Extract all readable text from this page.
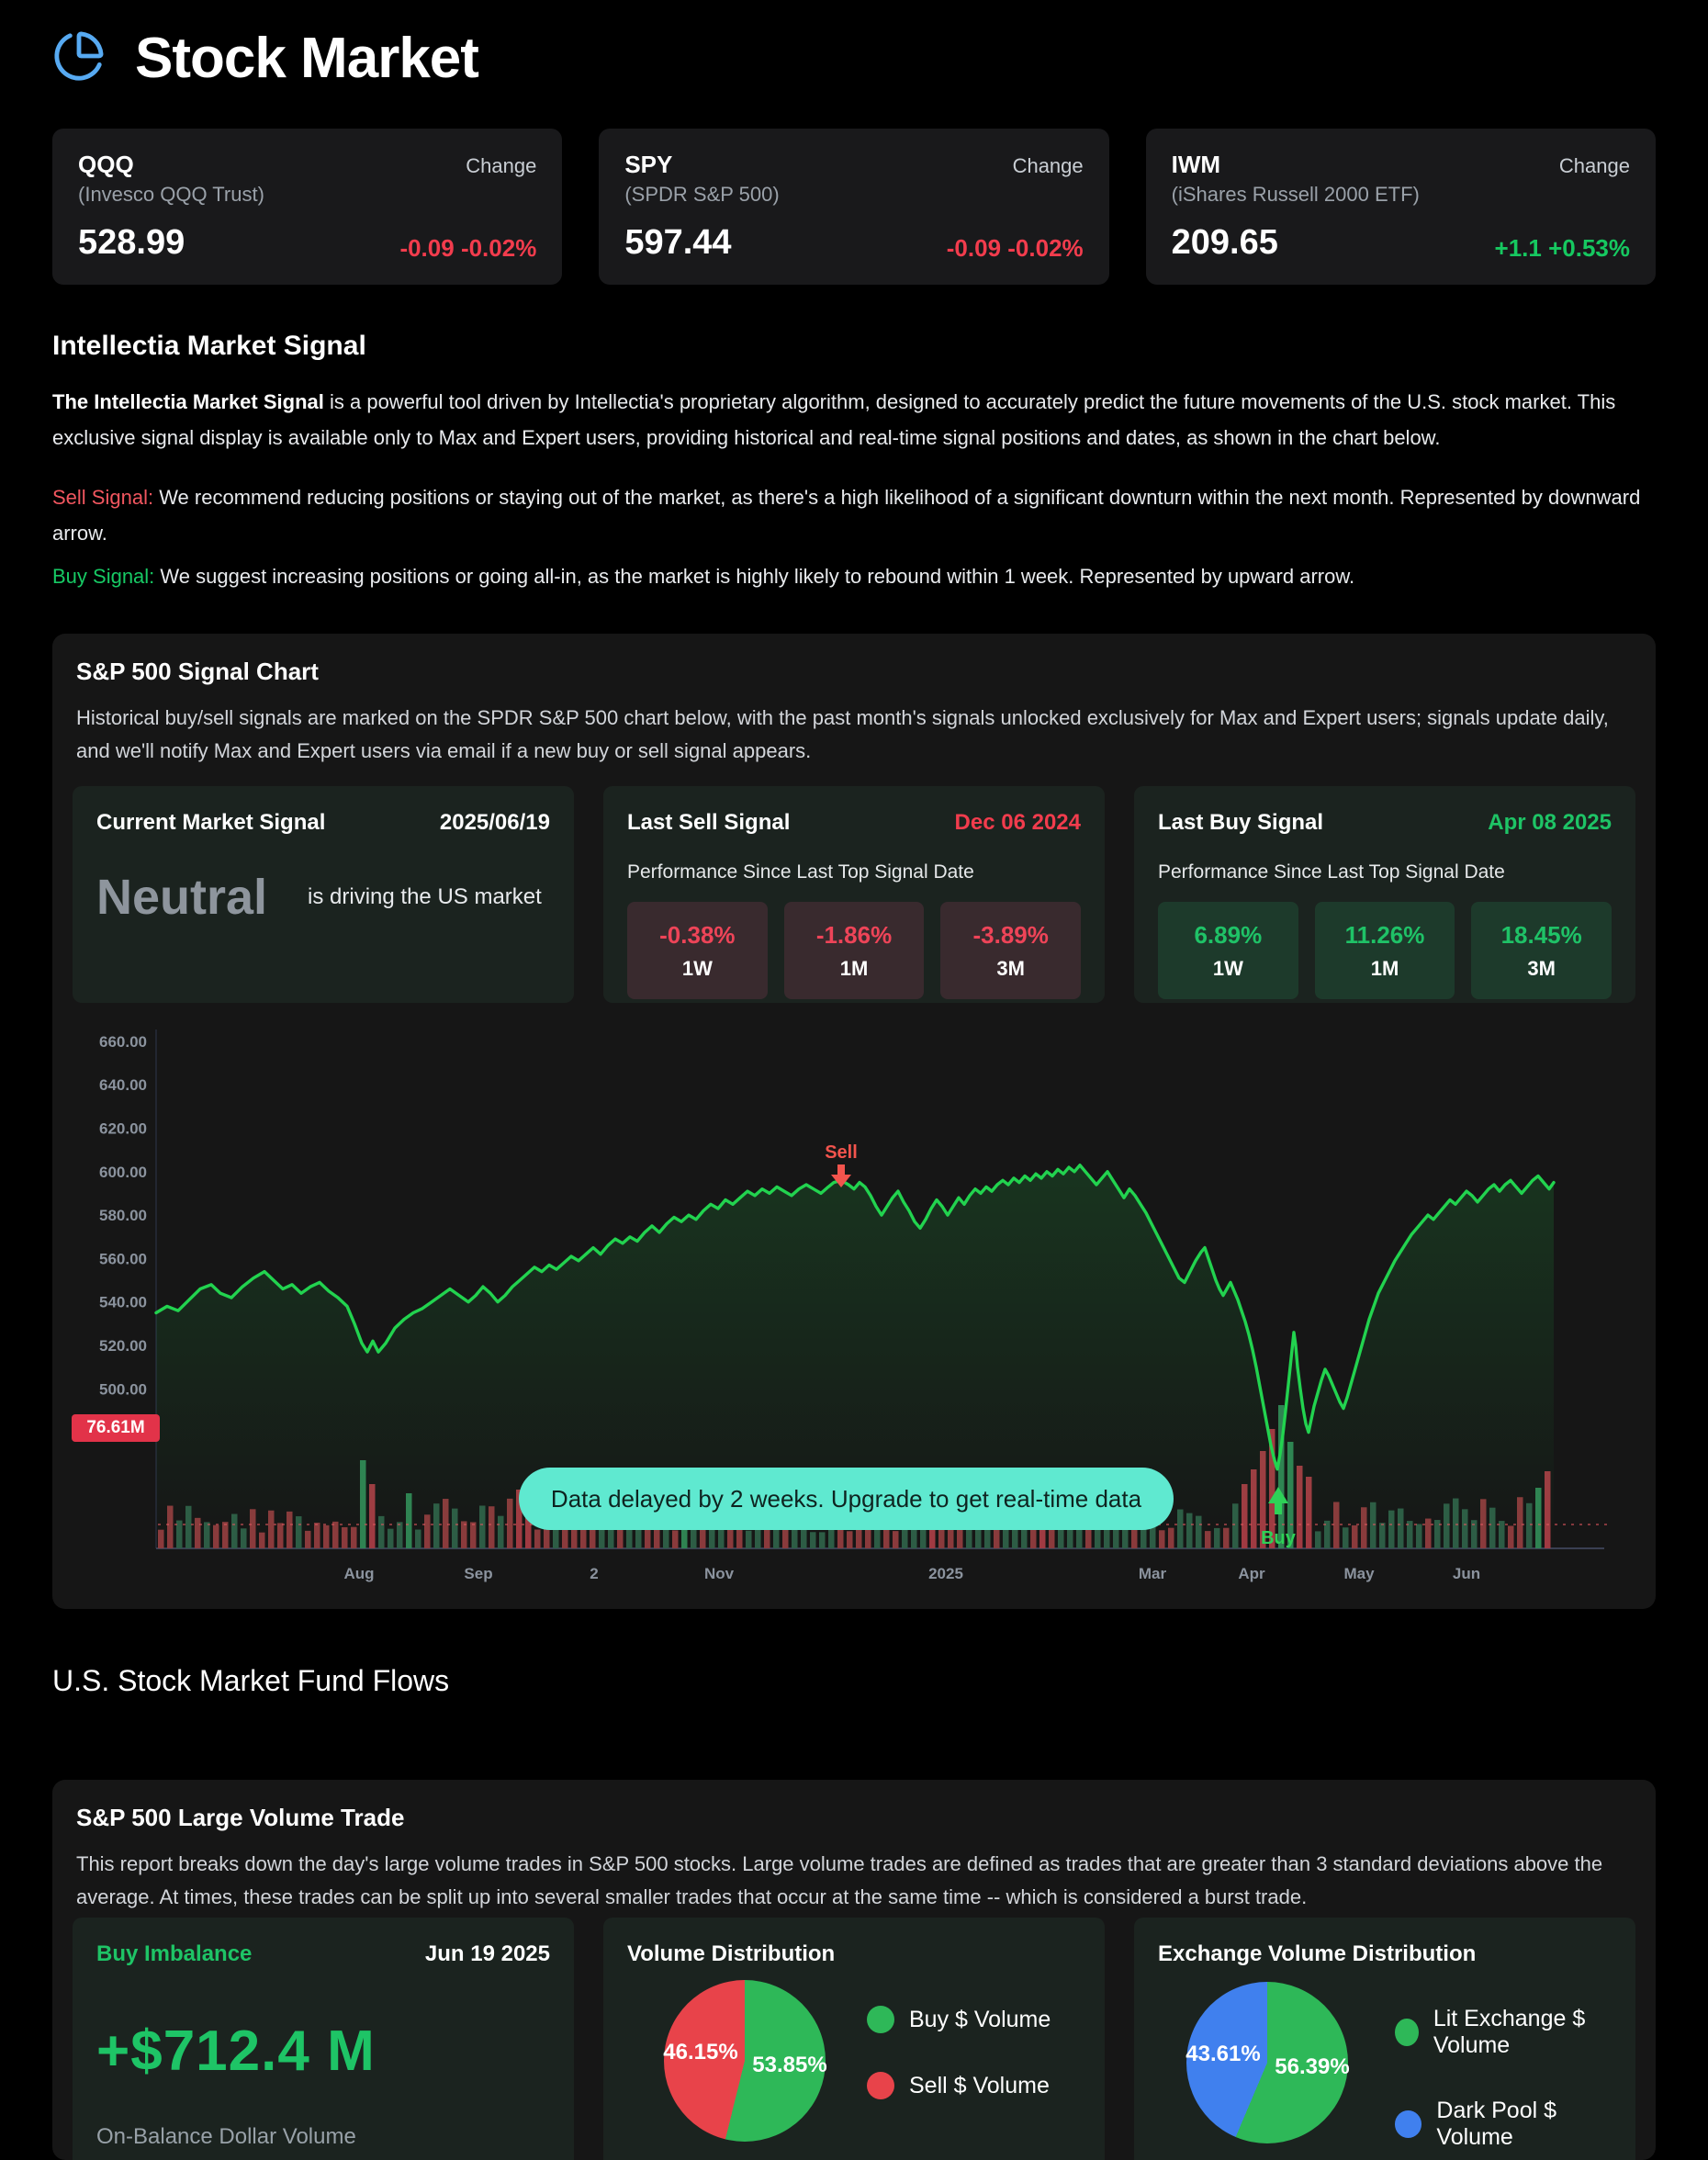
Stock Market
QQQ	Change
(Invesco QQQ Trust)
528.99	-0.09 -0.02%
SPY	Change
(SPDR S&P 500)
597.44	-0.09 -0.02%
IWM	Change
(iShares Russell 2000 ETF)
209.65	+1.1 +0.53%
Intellectia Market Signal

The Intellectia Market Signal is a powerful tool driven by Intellectia's proprietary algorithm, designed to accurately predict the future movements of the U.S. stock market. This exclusive signal display is available only to Max and Expert users, providing historical and real-time signal positions and dates, as shown in the chart below.

Sell Signal: We recommend reducing positions or staying out of the market, as there's a high likelihood of a significant downturn within the next month. Represented by downward arrow.

Buy Signal: We suggest increasing positions or going all-in, as the market is highly likely to rebound within 1 week. Represented by upward arrow.

S&P 500 Signal Chart

Historical buy/sell signals are marked on the SPDR S&P 500 chart below, with the past month's signals unlocked exclusively for Max and Expert users; signals update daily, and we'll notify Max and Expert users via email if a new buy or sell signal appears.

Current Market Signal	2025/06/19
Neutral is driving the US market
Last Sell Signal	Dec 06 2024
Performance Since Last Top Signal Date
-0.38%
1W
-1.86%
1M
-3.89%
3M
Last Buy Signal	Apr 08 2025
Performance Since Last Top Signal Date
6.89%
1W
11.26%
1M
18.45%
3M
660.00
640.00
620.00
600.00
580.00
560.00
540.00
520.00
500.00
Aug	Sep	2	Nov	2025	Mar	Apr	May	Jun
Sell
Buy
76.61M
Data delayed by 2 weeks. Upgrade to get real-time data
U.S. Stock Market Fund Flows
S&P 500 Large Volume Trade

This report breaks down the day's large volume trades in S&P 500 stocks. Large volume trades are defined as trades that are greater than 3 standard deviations above the average. At times, these trades can be split up into several smaller trades that occur at the same time -- which is considered a burst trade.

Buy Imbalance	Jun 19 2025
+$712.4 M
On-Balance Dollar Volume
Volume Distribution
46.15%
53.85%
Buy $ Volume
Sell $ Volume
Exchange Volume Distribution
43.61%
56.39%
Lit Exchange $ Volume
Dark Pool $ Volume
